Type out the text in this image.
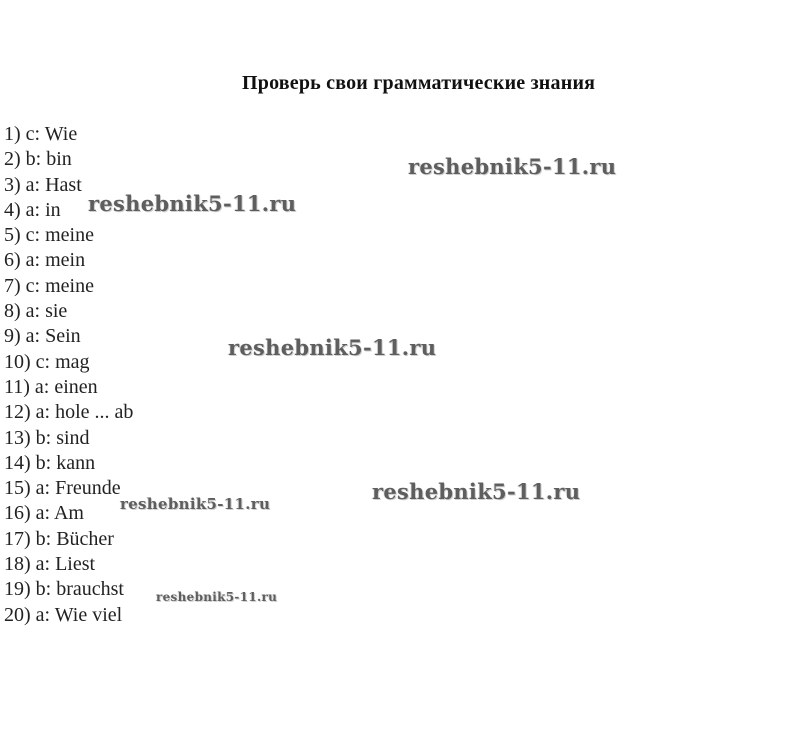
Проверь свои грамматические знания
1) c: Wie
2) b: bin
3) a: Hast
4) a: in
5) c: meine
6) a: mein
7) c: meine
8) a: sie
9) a: Sein
10) c: mag
11) a: einen
12) a: hole ... ab
13) b: sind
14) b: kann
15) a: Freunde
16) a: Am
17) b: Bücher
18) a: Liest
19) b: brauchst
20) a: Wie viel
reshebnik5-11.ru
reshebnik5-11.ru
reshebnik5-11.ru
reshebnik5-11.ru
reshebnik5-11.ru
reshebnik5-11.ru
